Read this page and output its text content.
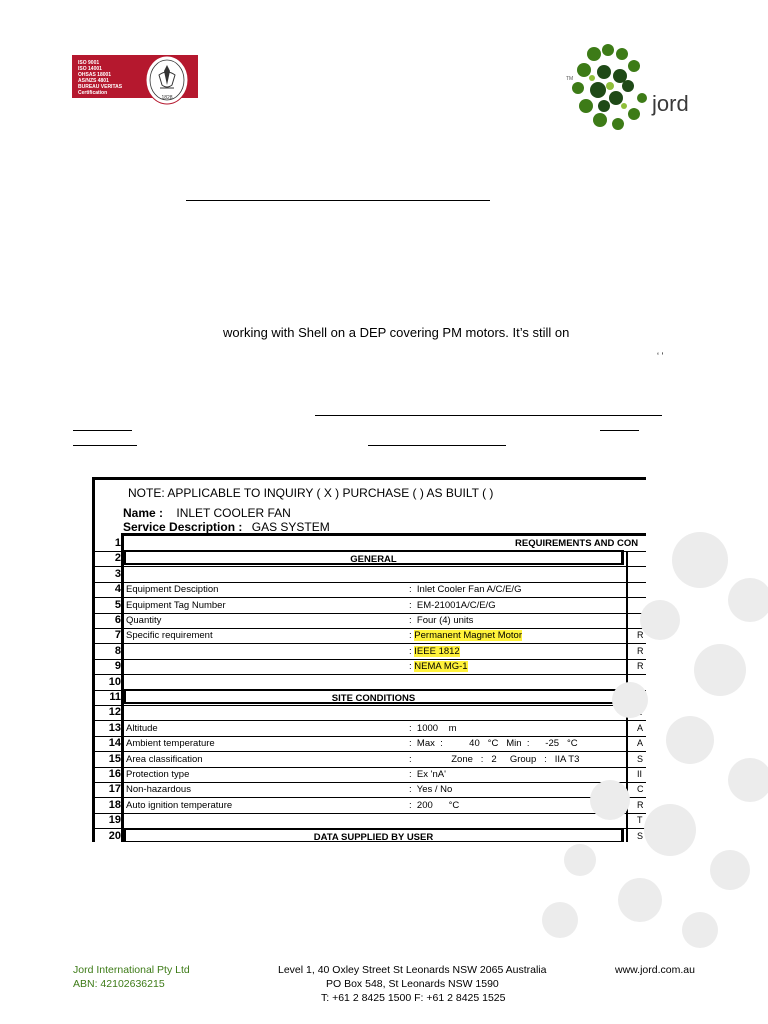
ISO 9001
ISO 14001
OHSAS 18001
AS/NZS 4801
BUREAU VERITAS
Certification
1828
TM
jord
working with Shell on a DEP covering PM motors. It’s still on
‘ ’
NOTE: APPLICABLE TO INQUIRY ( X ) PURCHASE ( ) AS BUILT ( )
Name : INLET COOLER FAN
Service Description : GAS SYSTEM
1	REQUIREMENTS AND CON
2	GENERAL
3
4 Equipment Desciption	:  Inlet Cooler Fan A/C/E/G
5 Equipment Tag Number	:  EM-21001A/C/E/G
6 Quantity	:  Four (4) units
7 Specific requirement	: Permanent Magnet Motor	R
8	: IEEE 1812	R
9	: NEMA MG-1	R
10
11	SITE CONDITIONS
12
13 Altitude	:  1000    m	A
14 Ambient temperature	:  Max  :          40   °C   Min  :      -25   °C	A
15 Area classification	:               Zone   :   2     Group   :   IIA T3	S
16 Protection type	:  Ex 'nA'	II
17 Non-hazardous	:  Yes / No	C
18 Auto ignition temperature	:  200      °C	R
19	T
20	DATA SUPPLIED BY USER	S
Jord International Pty Ltd
ABN: 42102636215
Level 1, 40 Oxley Street St Leonards NSW 2065 Australia
PO Box 548, St Leonards NSW 1590
T: +61 2 8425 1500 F: +61 2 8425 1525
www.jord.com.au
